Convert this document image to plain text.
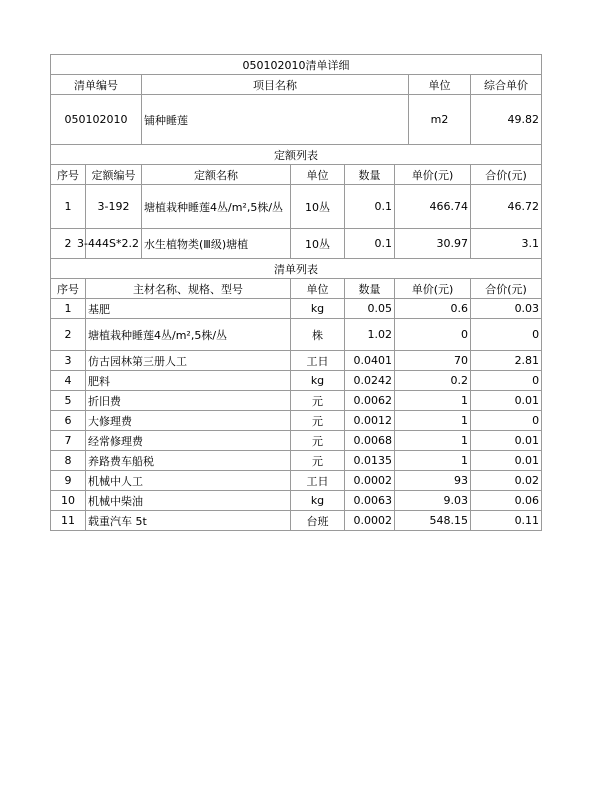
050102010清单详细			
清单编号	项目名称	单位	综合单价
050102010	铺种睡莲	m2	49.82
定额列表						
序号	定额编号	定额名称	单位	数量	单价(元)	合价(元)
1	3-192	塘植栽种睡莲4丛/m²,5株/丛	10丛	0.1	466.74	46.72
2	3-444S*2.2	水生植物类(Ⅲ级)塘植	10丛	0.1	30.97	3.1
清单列表					
序号	主材名称、规格、型号	单位	数量	单价(元)	合价(元)
1	基肥	kg	0.05	0.6	0.03
2	塘植栽种睡莲4丛/m²,5株/丛	株	1.02	0	0
3	仿古园林第三册人工	工日	0.0401	70	2.81
4	肥料	kg	0.0242	0.2	0
5	折旧费	元	0.0062	1	0.01
6	大修理费	元	0.0012	1	0
7	经常修理费	元	0.0068	1	0.01
8	养路费车船税	元	0.0135	1	0.01
9	机械中人工	工日	0.0002	93	0.02
10	机械中柴油	kg	0.0063	9.03	0.06
11	载重汽车 5t	台班	0.0002	548.15	0.11
